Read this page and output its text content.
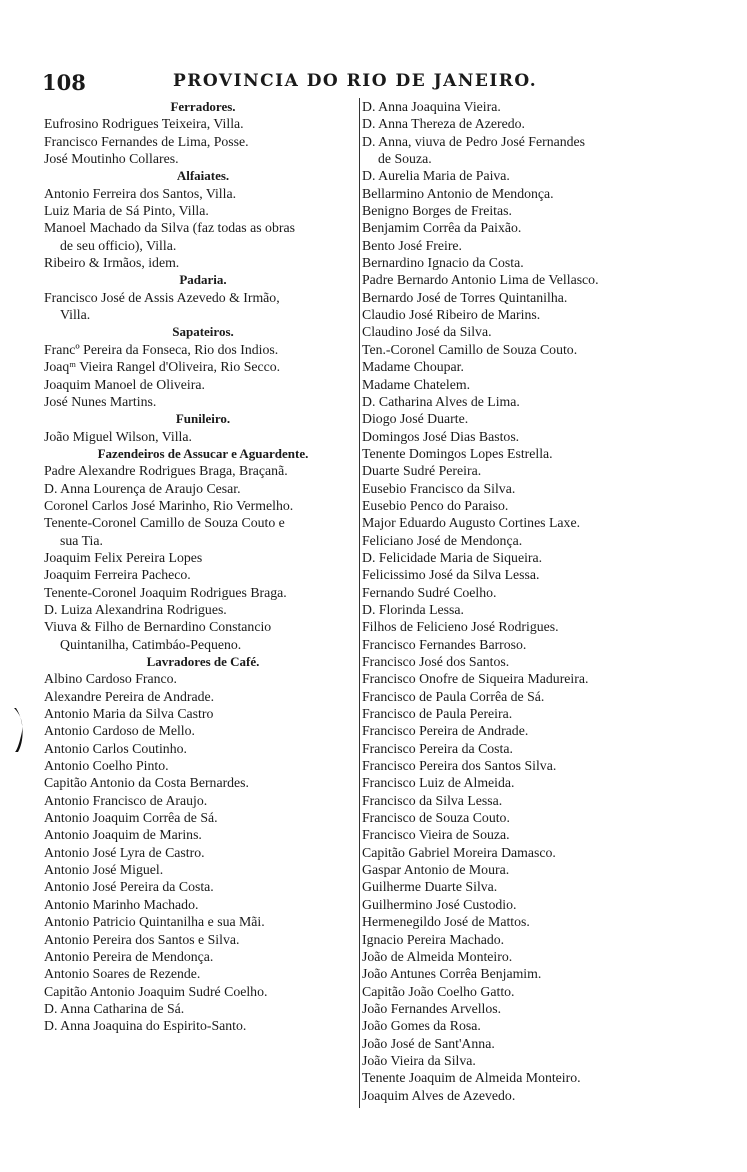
108	PROVINCIA DO RIO DE JANEIRO.
Ferradores.
Eufrosino Rodrigues Teixeira, Villa.
Francisco Fernandes de Lima, Posse.
José Moutinho Collares.
Alfaiates.
Antonio Ferreira dos Santos, Villa.
Luiz Maria de Sá Pinto, Villa.
Manoel Machado da Silva (faz todas as obras
de seu officio), Villa.
Ribeiro & Irmãos, idem.
Padaria.
Francisco José de Assis Azevedo & Irmão,
Villa.
Sapateiros.
Francº Pereira da Fonseca, Rio dos Indios.
Joaqᵐ Vieira Rangel d'Oliveira, Rio Secco.
Joaquim Manoel de Oliveira.
José Nunes Martins.
Funileiro.
João Miguel Wilson, Villa.
Fazendeiros de Assucar e Aguardente.
Padre Alexandre Rodrigues Braga, Braçanã.
D. Anna Lourença de Araujo Cesar.
Coronel Carlos José Marinho, Rio Vermelho.
Tenente-Coronel Camillo de Souza Couto e
sua Tia.
Joaquim Felix Pereira Lopes
Joaquim Ferreira Pacheco.
Tenente-Coronel Joaquim Rodrigues Braga.
D. Luiza Alexandrina Rodrigues.
Viuva & Filho de Bernardino Constancio
Quintanilha, Catimbáo-Pequeno.
Lavradores de Café.
Albino Cardoso Franco.
Alexandre Pereira de Andrade.
Antonio Maria da Silva Castro
Antonio Cardoso de Mello.
Antonio Carlos Coutinho.
Antonio Coelho Pinto.
Capitão Antonio da Costa Bernardes.
Antonio Francisco de Araujo.
Antonio Joaquim Corrêa de Sá.
Antonio Joaquim de Marins.
Antonio José Lyra de Castro.
Antonio José Miguel.
Antonio José Pereira da Costa.
Antonio Marinho Machado.
Antonio Patricio Quintanilha e sua Mãi.
Antonio Pereira dos Santos e Silva.
Antonio Pereira de Mendonça.
Antonio Soares de Rezende.
Capitão Antonio Joaquim Sudré Coelho.
D. Anna Catharina de Sá.
D. Anna Joaquina do Espirito-Santo.
D. Anna Joaquina Vieira.
D. Anna Thereza de Azeredo.
D. Anna, viuva de Pedro José Fernandes
de Souza.
D. Aurelia Maria de Paiva.
Bellarmino Antonio de Mendonça.
Benigno Borges de Freitas.
Benjamim Corrêa da Paixão.
Bento José Freire.
Bernardino Ignacio da Costa.
Padre Bernardo Antonio Lima de Vellasco.
Bernardo José de Torres Quintanilha.
Claudio José Ribeiro de Marins.
Claudino José da Silva.
Ten.-Coronel Camillo de Souza Couto.
Madame Choupar.
Madame Chatelem.
D. Catharina Alves de Lima.
Diogo José Duarte.
Domingos José Dias Bastos.
Tenente Domingos Lopes Estrella.
Duarte Sudré Pereira.
Eusebio Francisco da Silva.
Eusebio Penco do Paraiso.
Major Eduardo Augusto Cortines Laxe.
Feliciano José de Mendonça.
D. Felicidade Maria de Siqueira.
Felicissimo José da Silva Lessa.
Fernando Sudré Coelho.
D. Florinda Lessa.
Filhos de Felicieno José Rodrigues.
Francisco Fernandes Barroso.
Francisco José dos Santos.
Francisco Onofre de Siqueira Madureira.
Francisco de Paula Corrêa de Sá.
Francisco de Paula Pereira.
Francisco Pereira de Andrade.
Francisco Pereira da Costa.
Francisco Pereira dos Santos Silva.
Francisco Luiz de Almeida.
Francisco da Silva Lessa.
Francisco de Souza Couto.
Francisco Vieira de Souza.
Capitão Gabriel Moreira Damasco.
Gaspar Antonio de Moura.
Guilherme Duarte Silva.
Guilhermino José Custodio.
Hermenegildo José de Mattos.
Ignacio Pereira Machado.
João de Almeida Monteiro.
João Antunes Corrêa Benjamim.
Capitão João Coelho Gatto.
João Fernandes Arvellos.
João Gomes da Rosa.
João José de Sant'Anna.
João Vieira da Silva.
Tenente Joaquim de Almeida Monteiro.
Joaquim Alves de Azevedo.
